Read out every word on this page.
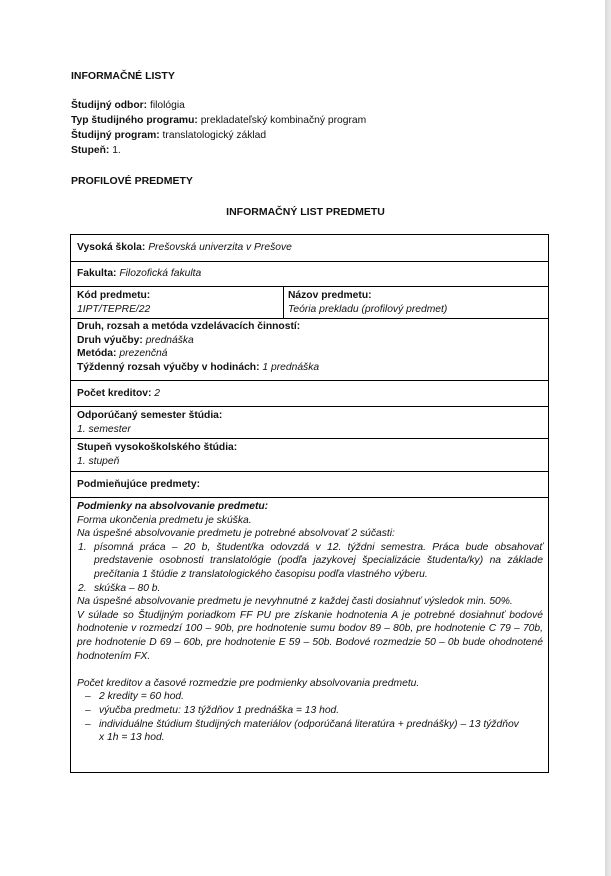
INFORMAČNÉ LISTY
Študijný odbor: filológia
Typ študijného programu: prekladateľský kombinačný program
Študijný program: translatologický základ
Stupeň: 1.
PROFILOVÉ PREDMETY
INFORMAČNÝ LIST PREDMETU
Vysoká škola: Prešovská univerzita v Prešove
Fakulta: Filozofická fakulta
Kód predmetu:
1IPT/TEPRE/22
Názov predmetu:
Teória prekladu (profilový predmet)
Druh, rozsah a metóda vzdelávacích činností:
Druh výučby: prednáška
Metóda: prezenčná
Týždenný rozsah výučby v hodinách: 1 prednáška
Počet kreditov: 2
Odporúčaný semester štúdia:
1. semester
Stupeň vysokoškolského štúdia:
1. stupeň
Podmieňujúce predmety:
Podmienky na absolvovanie predmetu:
Forma ukončenia predmetu je skúška.
Na úspešné absolvovanie predmetu je potrebné absolvovať 2 súčasti:
1. písomná práca – 20 b, študent/ka odovzdá v 12. týždni semestra. Práca bude obsahovať predstavenie osobnosti translatológie (podľa jazykovej špecializácie študenta/ky) na základe prečítania 1 štúdie z translatologického časopisu podľa vlastného výberu.
2. skúška – 80 b.
Na úspešné absolvovanie predmetu je nevyhnutné z každej časti dosiahnuť výsledok min. 50%.
V súlade so Študijným poriadkom FF PU pre získanie hodnotenia A je potrebné dosiahnuť bodové hodnotenie v rozmedzí 100 – 90b, pre hodnotenie sumu bodov 89 – 80b, pre hodnotenie C 79 – 70b, pre hodnotenie D 69 – 60b, pre hodnotenie E 59 – 50b. Bodové rozmedzie 50 – 0b bude ohodnotené hodnotením FX.
Počet kreditov a časové rozmedzie pre podmienky absolvovania predmetu.
– 2 kredity = 60 hod.
– výučba predmetu: 13 týždňov 1 prednáška = 13 hod.
– individuálne štúdium študijných materiálov (odporúčaná literatúra + prednášky) – 13 týždňov x 1h = 13 hod.
